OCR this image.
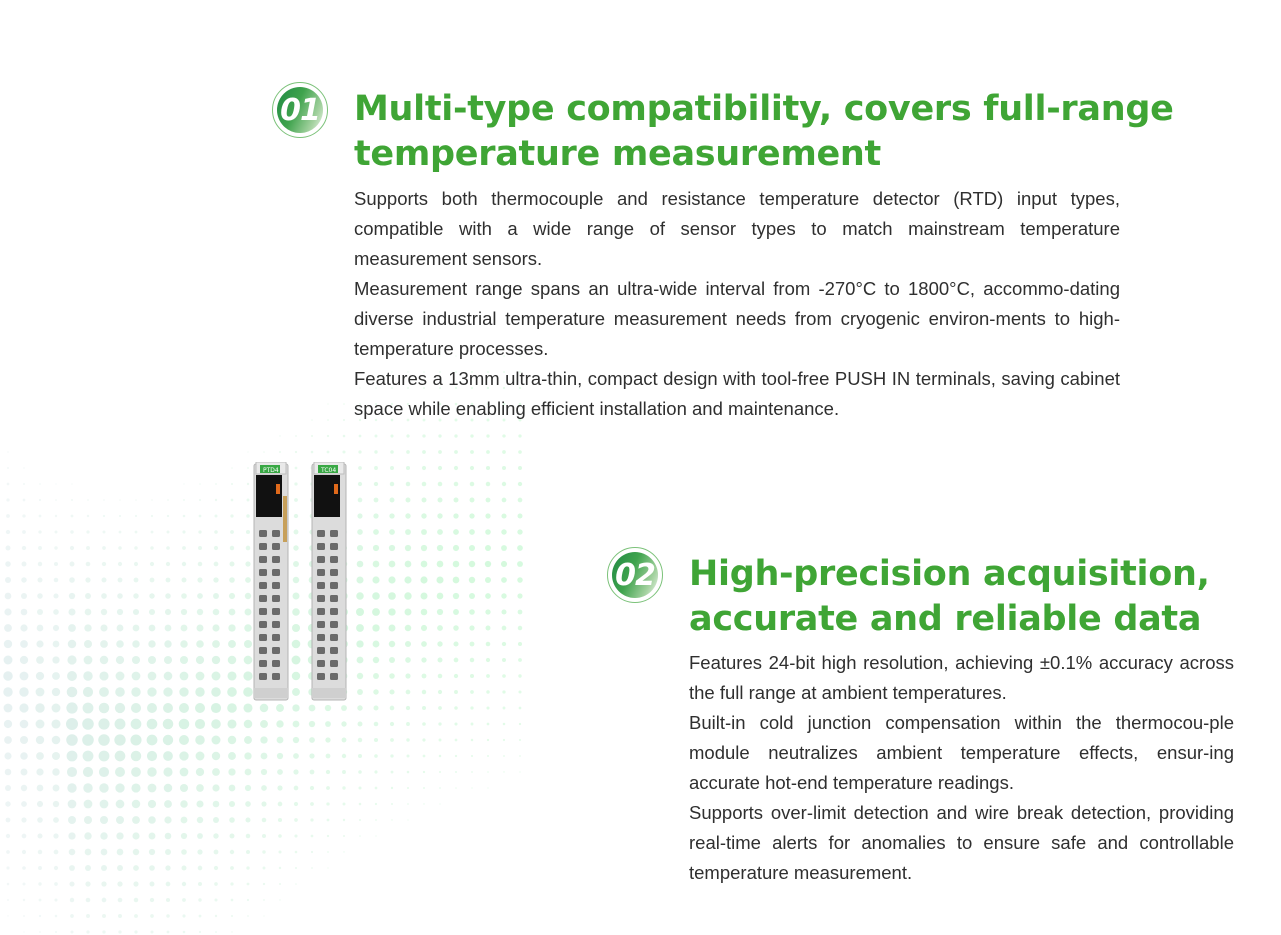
01 Multi-type compatibility, covers full-range
temperature measurement

Supports both thermocouple and resistance temperature detector (RTD) input types, compatible with a wide range of sensor types to match mainstream temperature measurement sensors.

Measurement range spans an ultra-wide interval from -270°C to 1800°C, accommo-dating diverse industrial temperature measurement needs from cryogenic environ-ments to high-temperature processes.

Features a 13mm ultra-thin, compact design with tool-free PUSH IN terminals, saving cabinet space while enabling efficient installation and maintenance.

PTD4	TC04
02 High-precision acquisition,
accurate and reliable data

Features 24-bit high resolution, achieving ±0.1% accuracy across the full range at ambient temperatures.

Built-in cold junction compensation within the thermocou-ple module neutralizes ambient temperature effects, ensur-ing accurate hot-end temperature readings.

Supports over-limit detection and wire break detection, providing real-time alerts for anomalies to ensure safe and controllable temperature measurement.
